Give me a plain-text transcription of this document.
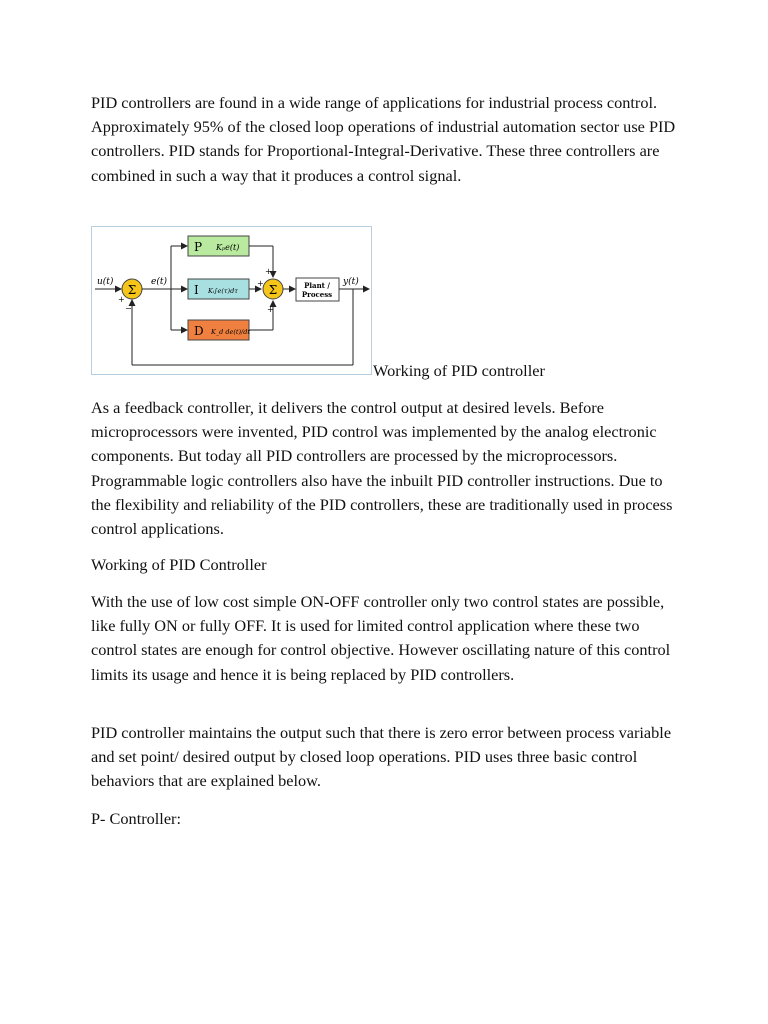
PID controllers are found in a wide range of applications for industrial process control. Approximately 95% of the closed loop operations of industrial automation sector use PID controllers. PID stands for Proportional-Integral-Derivative. These three controllers are combined in such a way that it produces a control signal.

u(t)
Σ
+
−
e(t)
P Kₚe(t)
I Kᵢ∫e(τ)dτ
D K_d de(t)/dt
Σ
+
+
+
Plant /
Process
y(t)
Working of PID controller

As a feedback controller, it delivers the control output at desired levels. Before microprocessors were invented, PID control was implemented by the analog electronic components. But today all PID controllers are processed by the microprocessors. Programmable logic controllers also have the inbuilt PID controller instructions. Due to the flexibility and reliability of the PID controllers, these are traditionally used in process control applications.

Working of PID Controller

With the use of low cost simple ON-OFF controller only two control states are possible, like fully ON or fully OFF. It is used for limited control application where these two control states are enough for control objective. However oscillating nature of this control limits its usage and hence it is being replaced by PID controllers.

PID controller maintains the output such that there is zero error between process variable and set point/ desired output by closed loop operations. PID uses three basic control behaviors that are explained below.

P- Controller:
